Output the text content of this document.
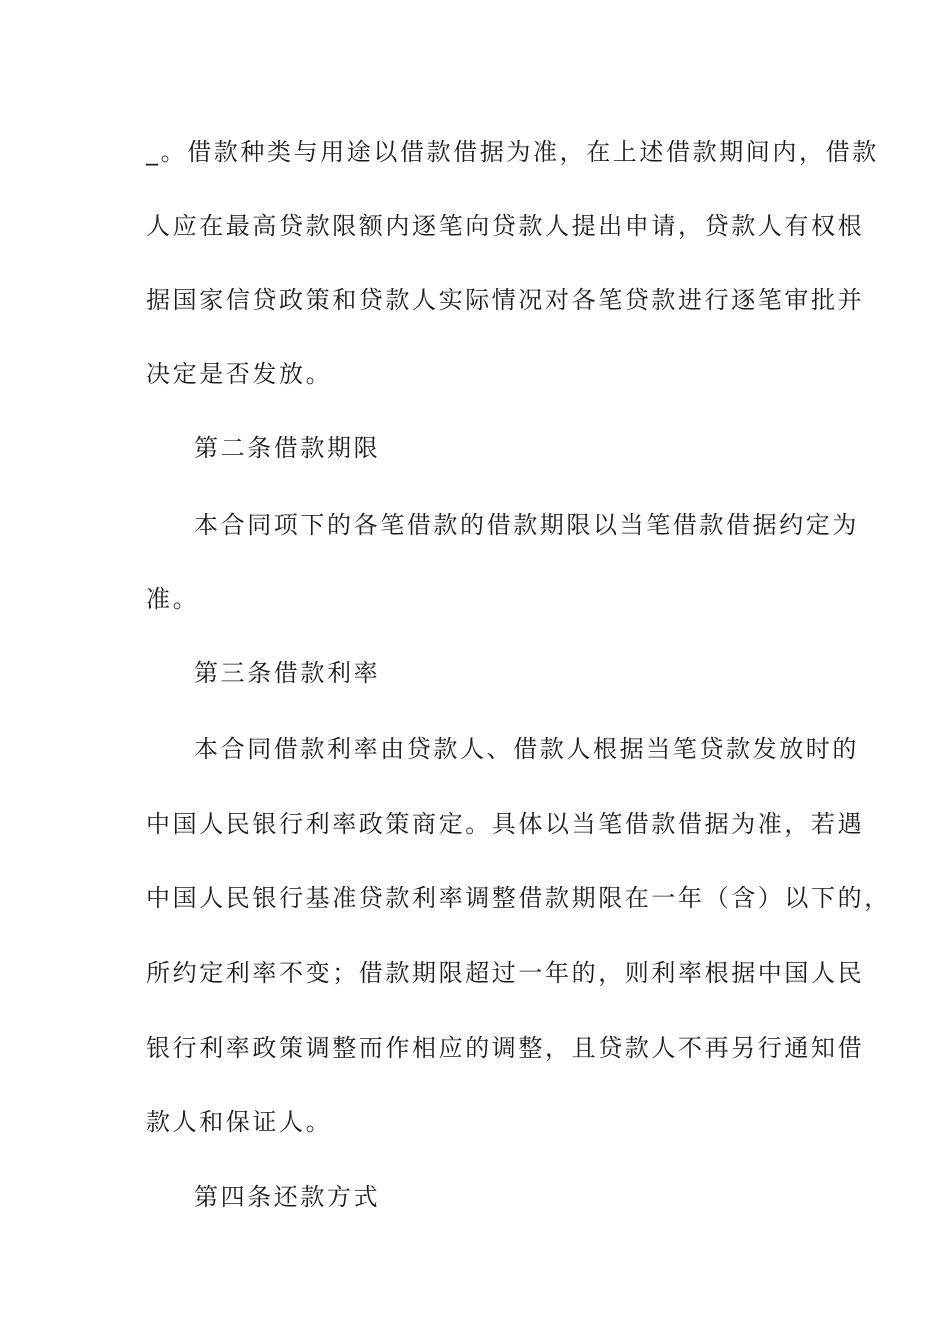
_。借款种类与用途以借款借据为准，在上述借款期间内，借款
人应在最高贷款限额内逐笔向贷款人提出申请，贷款人有权根
据国家信贷政策和贷款人实际情况对各笔贷款进行逐笔审批并
决定是否发放。
第二条借款期限
本合同项下的各笔借款的借款期限以当笔借款借据约定为
准。
第三条借款利率
本合同借款利率由贷款人、借款人根据当笔贷款发放时的
中国人民银行利率政策商定。具体以当笔借款借据为准，若遇
中国人民银行基准贷款利率调整借款期限在一年（含）以下的，
所约定利率不变；借款期限超过一年的，则利率根据中国人民
银行利率政策调整而作相应的调整，且贷款人不再另行通知借
款人和保证人。
第四条还款方式
